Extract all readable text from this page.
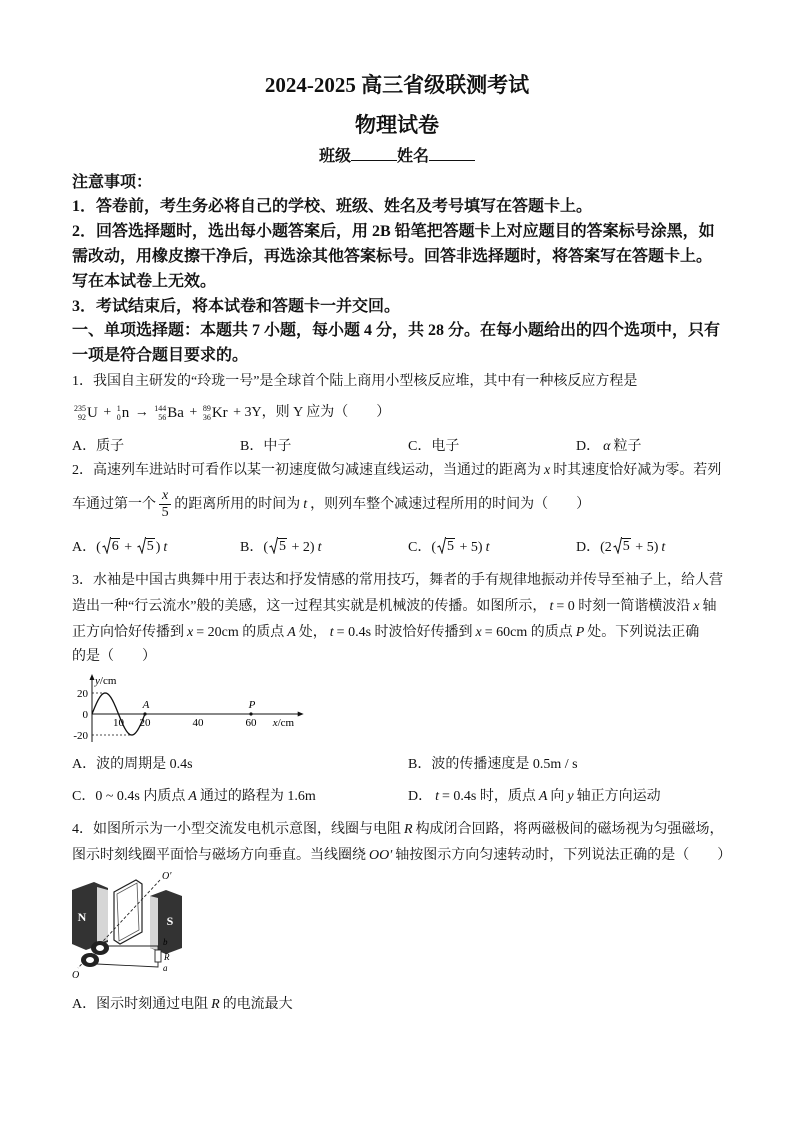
2024-2025 高三省级联测考试
物理试卷
班级	姓名
注意事项：
1．答卷前，考生务必将自己的学校、班级、姓名及考号填写在答题卡上。
2．回答选择题时，选出每小题答案后，用 2B 铅笔把答题卡上对应题目的答案标号涂黑，如
需改动，用橡皮擦干净后，再选涂其他答案标号。回答非选择题时，将答案写在答题卡上。
写在本试卷上无效。
3．考试结束后，将本试卷和答题卡一并交回。
一、单项选择题：本题共 7 小题，每小题 4 分，共 28 分。在每小题给出的四个选项中，只有
一项是符合题目要求的。
1．我国自主研发的“玲珑一号”是全球首个陆上商用小型核反应堆，其中有一种核反应方程是
235
92 U + 1
0 n → 144
56 Ba + 89
36 Kr + 3Y，则 Y 应为（　　）
A．质子	B．中子	C．电子	D． α 粒子
2．高速列车进站时可看作以某一初速度做匀减速直线运动，当通过的距离为 x 时其速度恰好减为零。若列
车通过第一个 $\frac{x}{5}$ 的距离所用的时间为 t ，则列车整个减速过程所用的时间为（　　）
A．( 6 + 5 ) t	B．( 5 + 2) t	C．( 5 + 5) t	D．(2 5 + 5) t
3．水袖是中国古典舞中用于表达和抒发情感的常用技巧，舞者的手有规律地振动并传导至袖子上，给人营
造出一种“行云流水”般的美感，这一过程其实就是机械波的传播。如图所示， t = 0 时刻一简谐横波沿 x 轴
正方向恰好传播到 x = 20cm 的质点 A 处， t = 0.4s 时波恰好传播到 x = 60cm 的质点 P 处。下列说法正确
的是（　　）
20
0
-20
10 20	40	60
y/cm
x/cm
A	P
A．波的周期是 0.4s	B．波的传播速度是 0.5m / s
C．0 ~ 0.4s 内质点 A 通过的路程为 1.6m	D． t = 0.4s 时，质点 A 向 y 轴正方向运动
4．如图所示为一小型交流发电机示意图，线圈与电阻 R 构成闭合回路，将两磁极间的磁场视为匀强磁场，
图示时刻线圈平面恰与磁场方向垂直。当线圈绕 OO′ 轴按图示方向匀速转动时，下列说法正确的是（　　）
N	S
O′
O
b
R
a
A．图示时刻通过电阻 R 的电流最大
